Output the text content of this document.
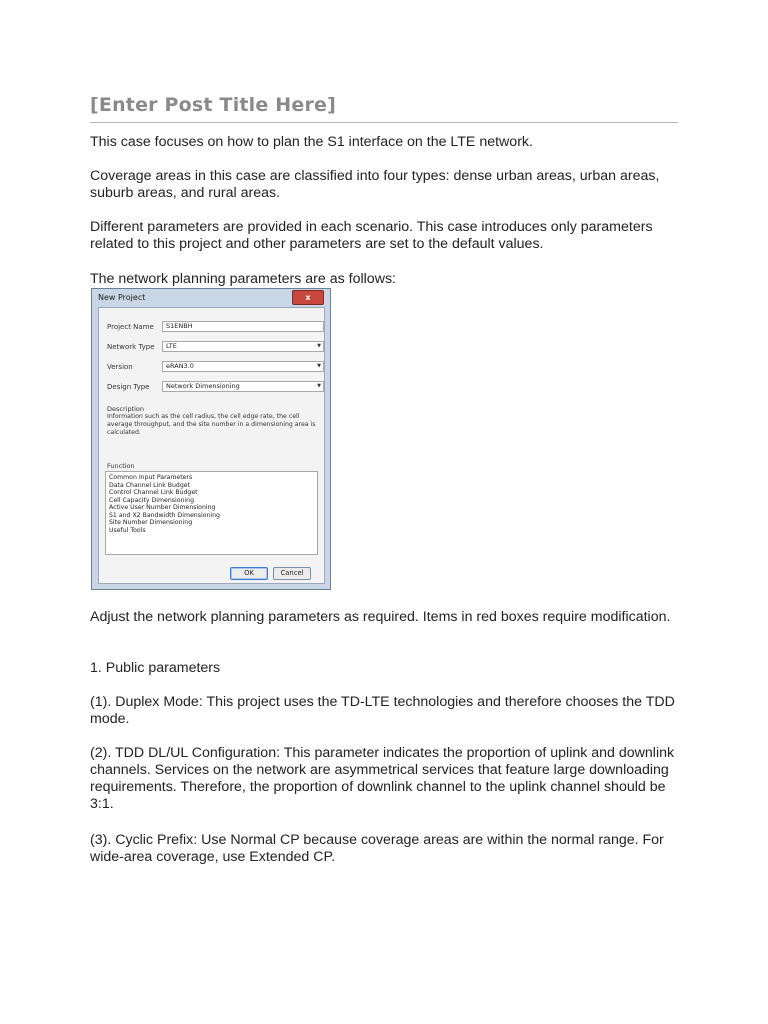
[Enter Post Title Here]

This case focuses on how to plan the S1 interface on the LTE network.

Coverage areas in this case are classified into four types: dense urban areas, urban areas, suburb areas, and rural areas.

Different parameters are provided in each scenario. This case introduces only parameters related to this project and other parameters are set to the default values.

The network planning parameters are as follows:

New Project	x
Project Name	S1ENBH
Network Type	LTE	▼
Version	eRAN3.0	▼
Design Type	Network Dimensioning	▼
Description
Information such as the cell radius, the cell edge rate, the cell average throughput, and the site number in a dimensioning area is calculated.
Function
Common Input Parameters
Data Channel Link Budget
Control Channel Link Budget
Cell Capacity Dimensioning
Active User Number Dimensioning
S1 and X2 Bandwidth Dimensioning
Site Number Dimensioning
Useful Tools
OK	Cancel

Adjust the network planning parameters as required. Items in red boxes require modification.

1. Public parameters

(1). Duplex Mode: This project uses the TD-LTE technologies and therefore chooses the TDD mode.

(2). TDD DL/UL Configuration: This parameter indicates the proportion of uplink and downlink channels. Services on the network are asymmetrical services that feature large downloading requirements. Therefore, the proportion of downlink channel to the uplink channel should be 3:1.

(3). Cyclic Prefix: Use Normal CP because coverage areas are within the normal range. For wide-area coverage, use Extended CP.
